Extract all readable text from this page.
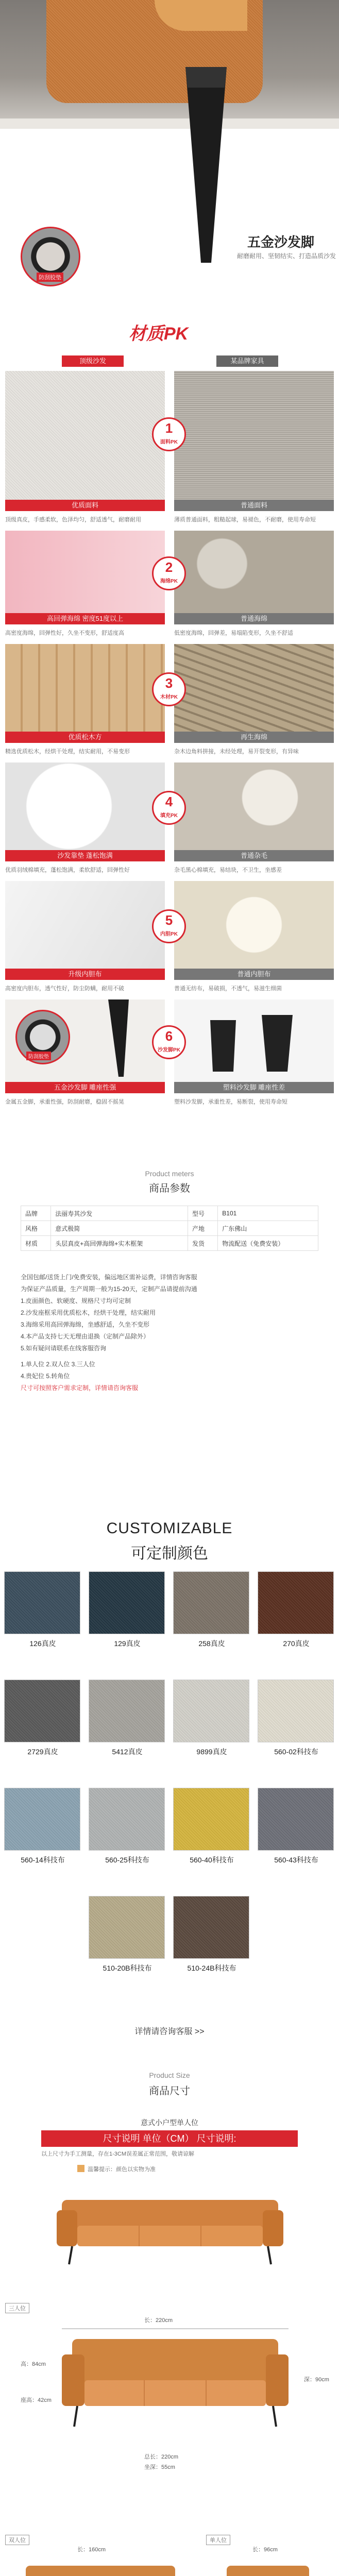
防刮胶垫
五金沙发脚
耐磨耐用、坚韧结实、打造品质沙发
材质PK
顶级沙发	某品牌家具
1
面料PK
优质面料	普通面料
顶级真皮，手感柔软，色泽均匀，舒适透气，耐磨耐用	薄质普通面料，粗糙起球，易褪色，不耐磨，使用寿命短
2
海绵PK
高回弹海绵 密度51度以上	普通海绵
高密度海绵，回弹性好，久坐不变形，舒适度高	低密度海绵，回弹差，易塌陷变形，久坐不舒适
3
木材PK
优质松木方	再生海绵
精选优质松木，经烘干处理，结实耐用，不易变形	杂木边角料拼接，未经处理，易开裂变形，有异味
4
填充PK
沙发靠垫 蓬松饱满	普通杂毛
优质羽绒棉填充，蓬松饱满，柔软舒适，回弹性好	杂毛黑心棉填充，易结块，不卫生，坐感差
5
内胆PK
升级内胆布	普通内胆布
高密度内胆布，透气性好，防尘防螨，耐用不破	普通无纺布，易破损，不透气，易滋生细菌
防刮胶垫
6
沙发脚PK
五金沙发脚 雕座性强	塑料沙发脚 雕座性差
金属五金脚，承重性强，防刮耐磨，稳固不摇晃	塑料沙发脚，承重性差，易断裂，使用寿命短
Product meters
商品参数
品牌	法丽寿其沙发	型号	B101
风格	意式极简	产地	广东佛山
材质	头层真皮+高回弹海绵+实木框架	发货	物流配送（免费安装）
全国包邮/送货上门/免费安装，偏远地区需补运费，详情咨询客服
为保证产品质量，生产周期一般为15-20天，定制产品请提前沟通
1.皮面颜色、软硬度、规格尺寸均可定制
2.沙发座框采用优质松木，经烘干处理，结实耐用
3.海绵采用高回弹海绵，坐感舒适，久坐不变形
4.本产品支持七天无理由退换（定制产品除外）
5.如有疑问请联系在线客服咨询
1.单人位 2.双人位 3.三人位
4.贵妃位 5.转角位
尺寸可按照客户需求定制，详情请咨询客服
CUSTOMIZABLE
可定制颜色
126真皮	129真皮	258真皮	270真皮
2729真皮	5412真皮	9899真皮	560-02科技布
560-14科技布	560-25科技布	560-40科技布	560-43科技布
510-20B科技布	510-24B科技布
详情请咨询客服 >>
Product Size
商品尺寸
意式小户型单人位
尺寸说明 单位（CM） 尺寸说明:
以上尺寸为手工测量，存在1-3CM误差属正常范围，敬请谅解
温馨提示：颜色以实物为准
三人位
长：220cm
高：84cm
座高：42cm
深：90cm
总长：220cm
坐深：55cm
双人位
长：160cm
单人位
长：96cm
